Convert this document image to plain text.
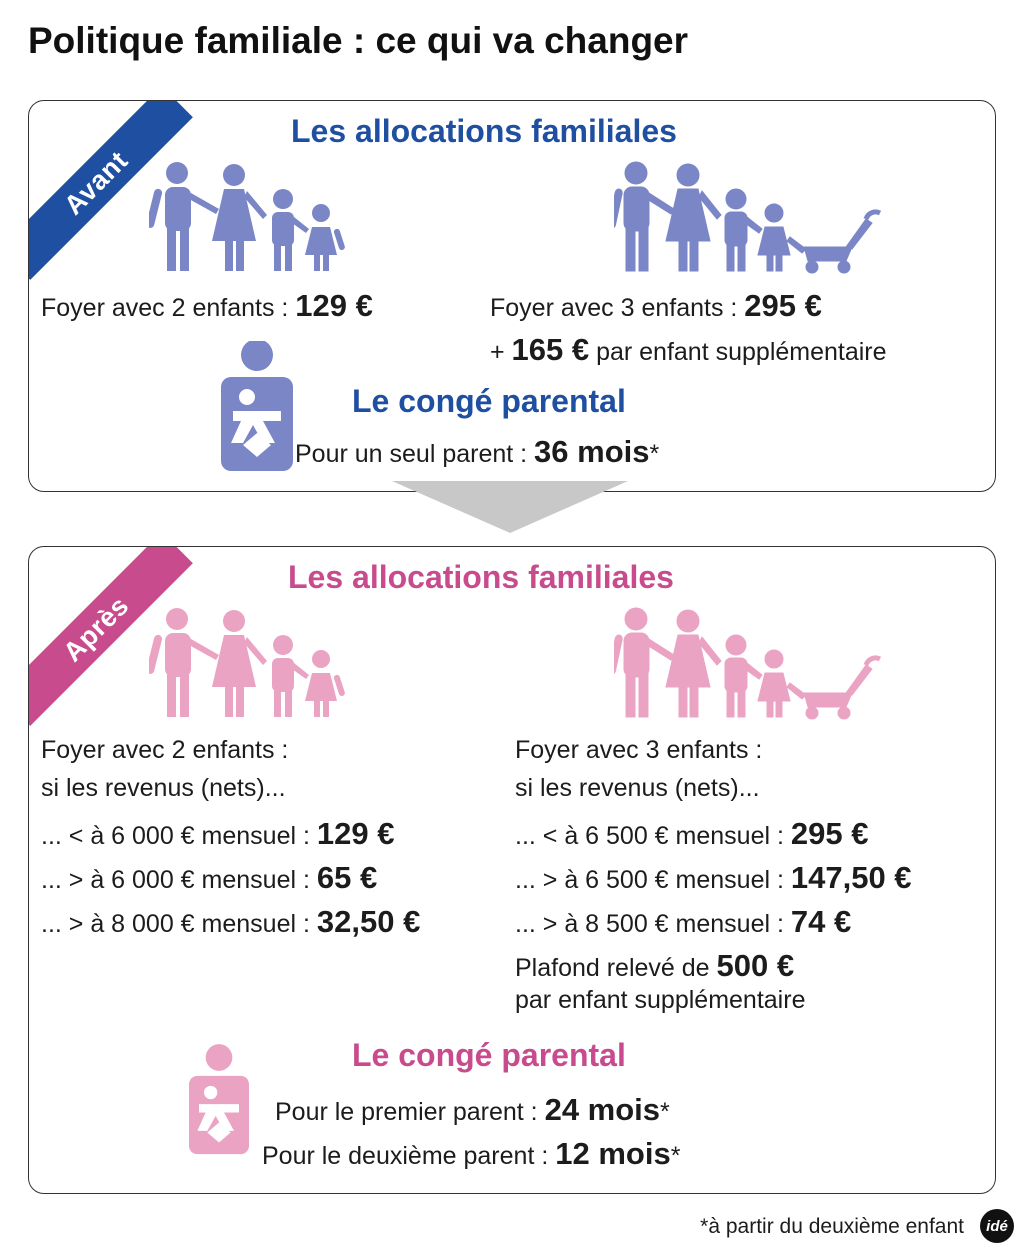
Politique familiale : ce qui va changer
Avant
Les allocations familiales
Foyer avec 2 enfants : 129 €	Foyer avec 3 enfants : 295 €
+ 165 € par enfant supplémentaire
Le congé parental
Pour un seul parent : 36 mois*
Après
Les allocations familiales
Foyer avec 2 enfants :
si les revenus (nets)...
... < à 6 000 € mensuel : 129 €
... > à 6 000 € mensuel : 65 €
... > à 8 000 € mensuel : 32,50 €
Foyer avec 3 enfants :
si les revenus (nets)...
... < à 6 500 € mensuel : 295 €
... > à 6 500 € mensuel : 147,50 €
... > à 8 500 € mensuel : 74 €
Plafond relevé de 500 €
par enfant supplémentaire
Le congé parental
Pour le premier parent : 24 mois*
Pour le deuxième parent : 12 mois*
*à partir du deuxième enfant	idé
